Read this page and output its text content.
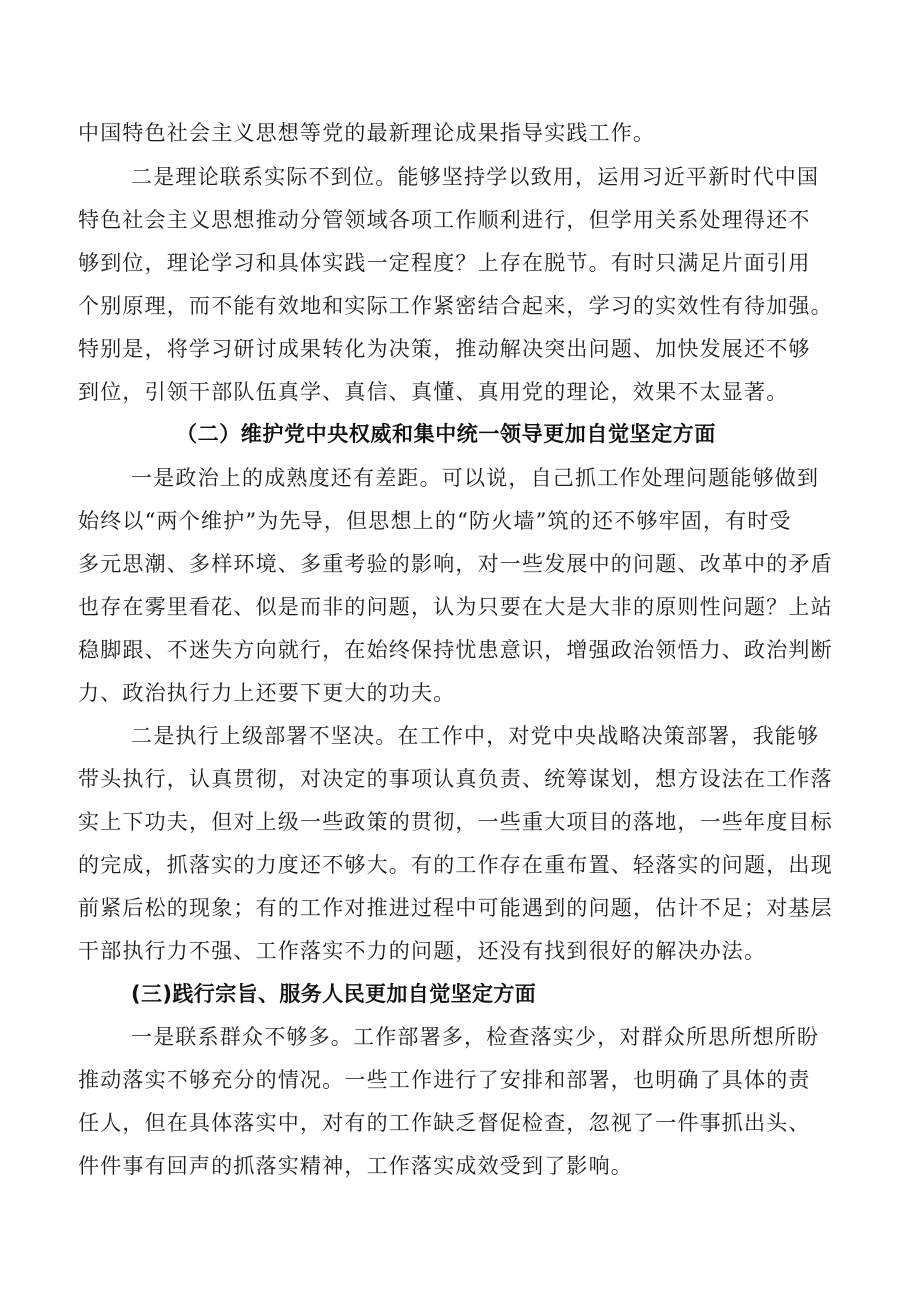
中国特色社会主义思想等党的最新理论成果指导实践工作。
二是理论联系实际不到位。能够坚持学以致用，运用习近平新时代中国
特色社会主义思想推动分管领域各项工作顺利进行，但学用关系处理得还不
够到位，理论学习和具体实践一定程度？上存在脱节。有时只满足片面引用
个别原理，而不能有效地和实际工作紧密结合起来，学习的实效性有待加强。
特别是，将学习研讨成果转化为决策，推动解决突出问题、加快发展还不够
到位，引领干部队伍真学、真信、真懂、真用党的理论，效果不太显著。
（二）维护党中央权威和集中统一领导更加自觉坚定方面
一是政治上的成熟度还有差距。可以说，自己抓工作处理问题能够做到
始终以“两个维护”为先导，但思想上的“防火墙”筑的还不够牢固，有时受
多元思潮、多样环境、多重考验的影响，对一些发展中的问题、改革中的矛盾
也存在雾里看花、似是而非的问题，认为只要在大是大非的原则性问题？上站
稳脚跟、不迷失方向就行，在始终保持忧患意识，增强政治领悟力、政治判断
力、政治执行力上还要下更大的功夫。
二是执行上级部署不坚决。在工作中，对党中央战略决策部署，我能够
带头执行，认真贯彻，对决定的事项认真负责、统筹谋划，想方设法在工作落
实上下功夫，但对上级一些政策的贯彻，一些重大项目的落地，一些年度目标
的完成，抓落实的力度还不够大。有的工作存在重布置、轻落实的问题，出现
前紧后松的现象；有的工作对推进过程中可能遇到的问题，估计不足；对基层
干部执行力不强、工作落实不力的问题，还没有找到很好的解决办法。
(三)践行宗旨、服务人民更加自觉坚定方面
一是联系群众不够多。工作部署多，检查落实少，对群众所思所想所盼
推动落实不够充分的情况。一些工作进行了安排和部署，也明确了具体的责
任人，但在具体落实中，对有的工作缺乏督促检查，忽视了一件事抓出头、
件件事有回声的抓落实精神，工作落实成效受到了影响。
